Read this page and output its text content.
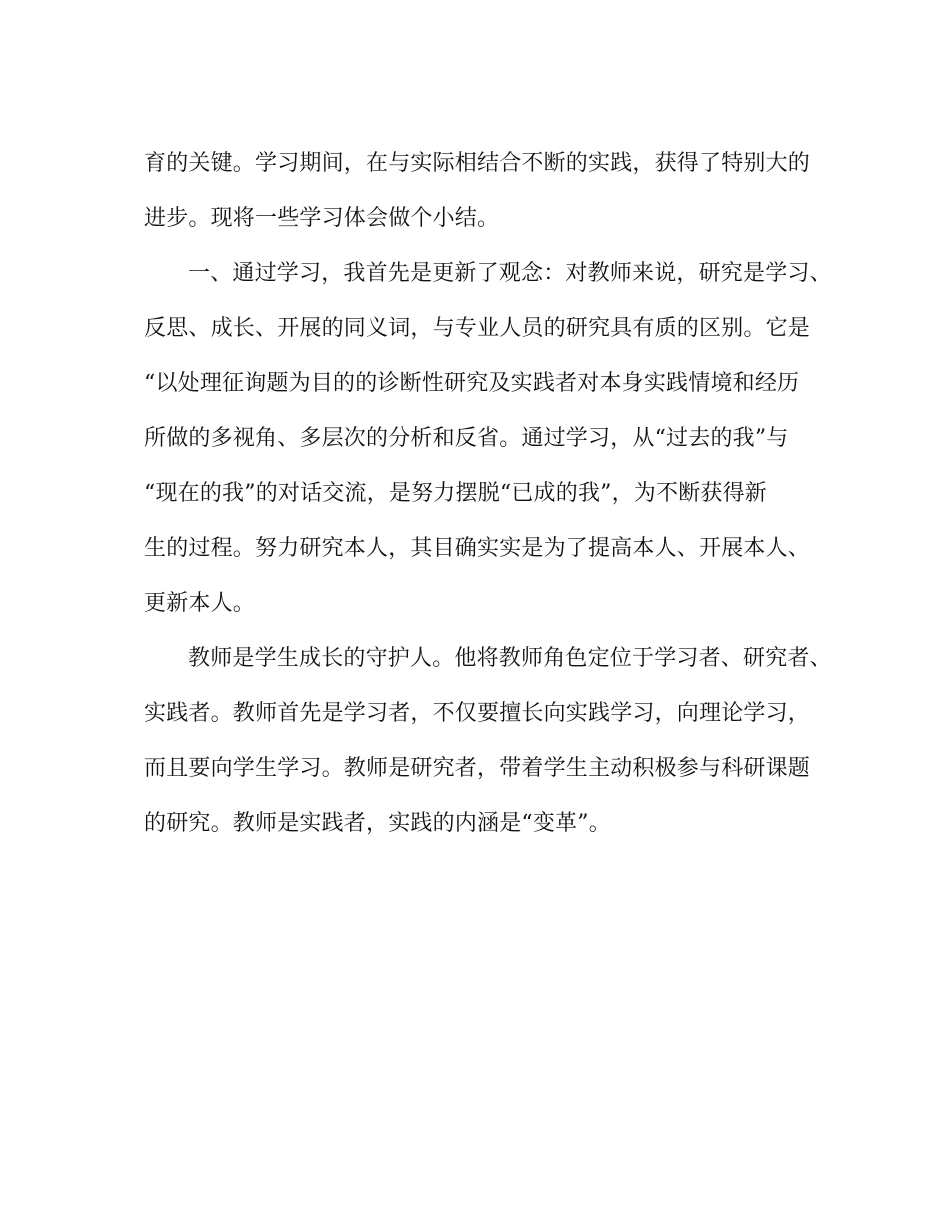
育的关键。学习期间，在与实际相结合不断的实践，获得了特别大的
进步。现将一些学习体会做个小结。
一、通过学习，我首先是更新了观念：对教师来说，研究是学习、
反思、成长、开展的同义词，与专业人员的研究具有质的区别。它是
“以处理征询题为目的的诊断性研究及实践者对本身实践情境和经历
所做的多视角、多层次的分析和反省。通过学习，从“过去的我”与
“现在的我”的对话交流，是努力摆脱“已成的我”，为不断获得新
生的过程。努力研究本人，其目确实实是为了提高本人、开展本人、
更新本人。
教师是学生成长的守护人。他将教师角色定位于学习者、研究者、
实践者。教师首先是学习者，不仅要擅长向实践学习，向理论学习，
而且要向学生学习。教师是研究者，带着学生主动积极参与科研课题
的研究。教师是实践者，实践的内涵是“变革”。
